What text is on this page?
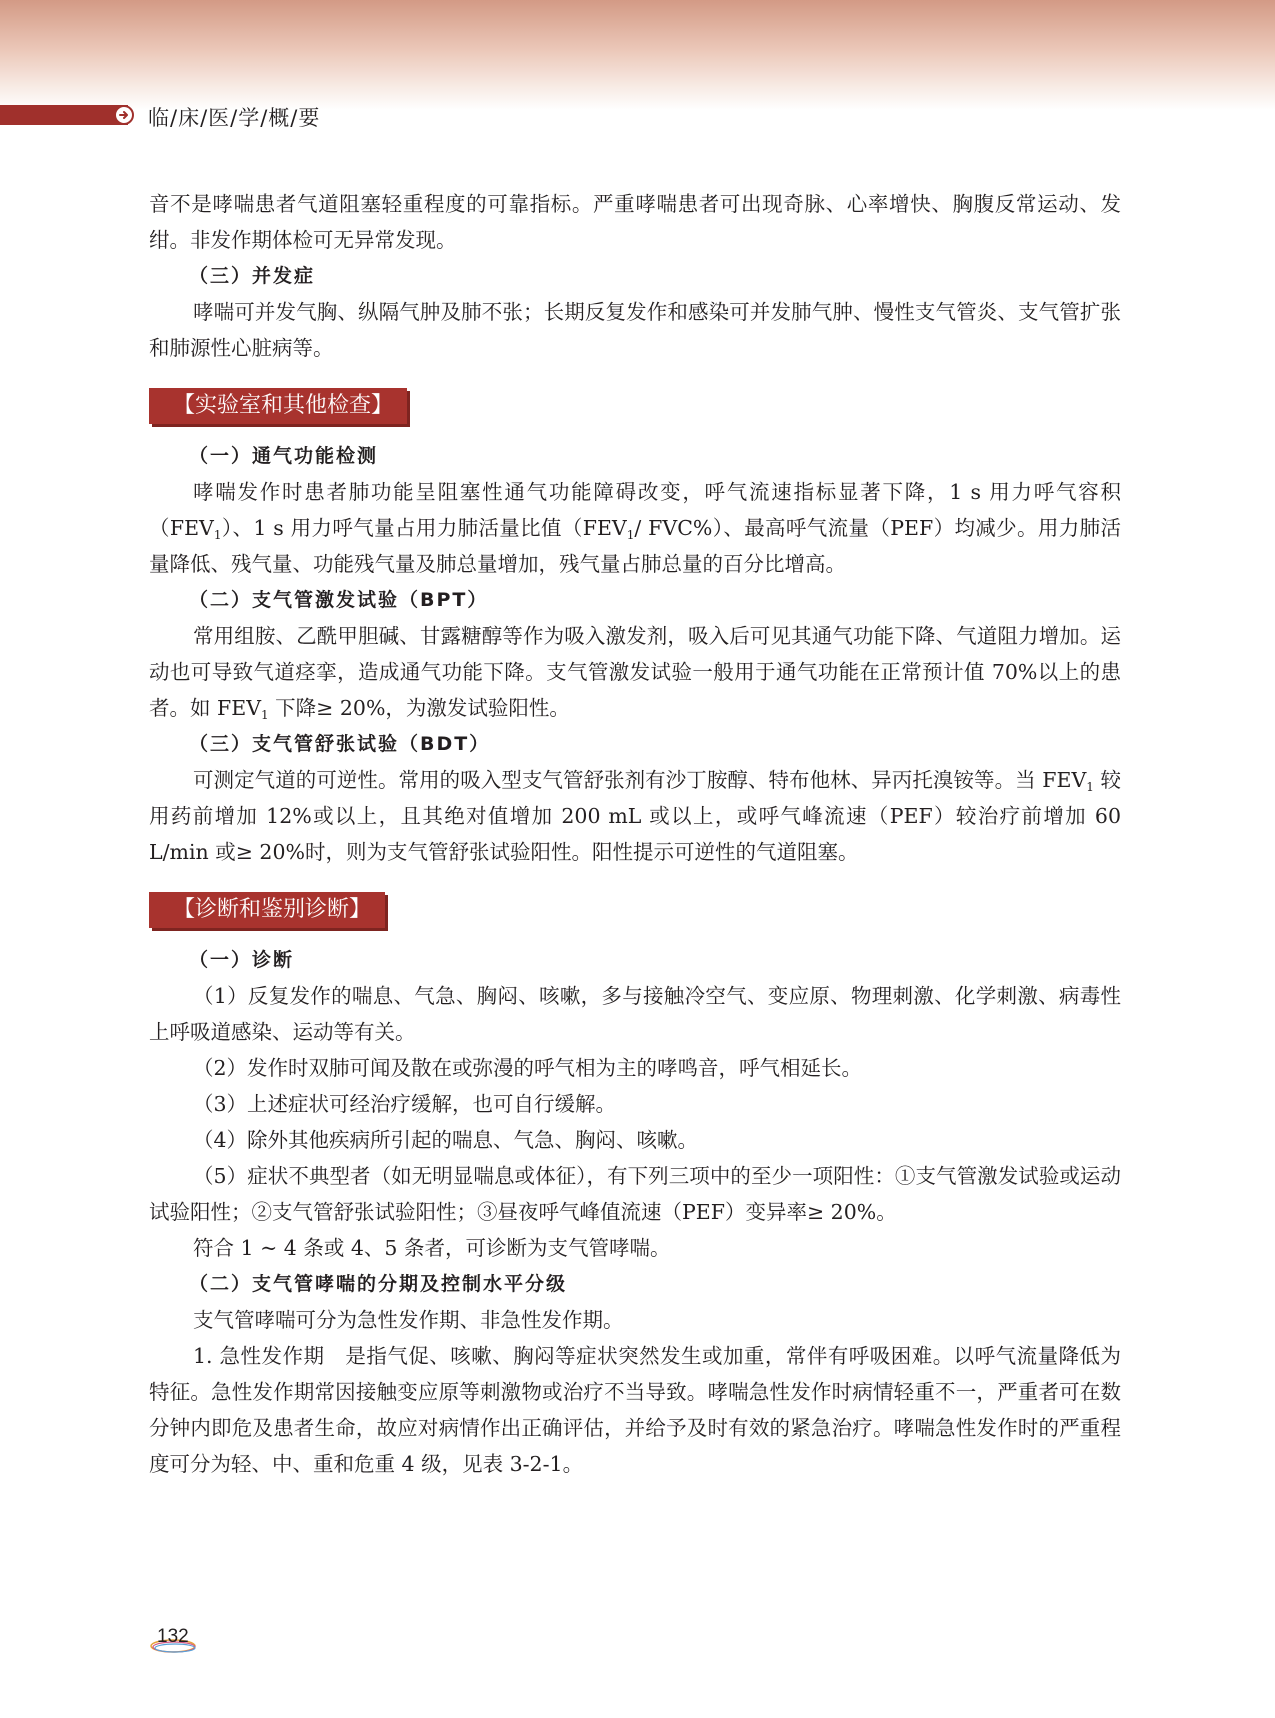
临/床/医/学/概/要

音不是哮喘患者气道阻塞轻重程度的可靠指标。严重哮喘患者可出现奇脉、心率增快、胸腹反常运动、发绀。非发作期体检可无异常发现。

（三）并发症

哮喘可并发气胸、纵隔气肿及肺不张；长期反复发作和感染可并发肺气肿、慢性支气管炎、支气管扩张和肺源性心脏病等。

【实验室和其他检查】
（一）通气功能检测

哮喘发作时患者肺功能呈阻塞性通气功能障碍改变，呼气流速指标显著下降，1 s 用力呼气容积$(FEV_1)$、1 s 用力呼气量占用力肺活量比值（$FEV_1/$ FVC%）、最高呼气流量（PEF）均减少。用力肺活量降低、残气量、功能残气量及肺总量增加，残气量占肺总量的百分比增高。

（二）支气管激发试验（BPT）

常用组胺、乙酰甲胆碱、甘露糖醇等作为吸入激发剂，吸入后可见其通气功能下降、气道阻力增加。运动也可导致气道痉挛，造成通气功能下降。支气管激发试验一般用于通气功能在正常预计值 70%以上的患者。如 $FEV_1$ 下降≥ 20%，为激发试验阳性。

（三）支气管舒张试验（BDT）

可测定气道的可逆性。常用的吸入型支气管舒张剂有沙丁胺醇、特布他林、异丙托溴铵等。当 $FEV_1$ 较用药前增加 12%或以上，且其绝对值增加 200 mL 或以上，或呼气峰流速（PEF）较治疗前增加 60 L/min 或≥ 20%时，则为支气管舒张试验阳性。阳性提示可逆性的气道阻塞。

【诊断和鉴别诊断】
（一）诊断

（1）反复发作的喘息、气急、胸闷、咳嗽，多与接触冷空气、变应原、物理刺激、化学刺激、病毒性上呼吸道感染、运动等有关。

（2）发作时双肺可闻及散在或弥漫的呼气相为主的哮鸣音，呼气相延长。

（3）上述症状可经治疗缓解，也可自行缓解。

（4）除外其他疾病所引起的喘息、气急、胸闷、咳嗽。

（5）症状不典型者（如无明显喘息或体征），有下列三项中的至少一项阳性：①支气管激发试验或运动试验阳性；②支气管舒张试验阳性；③昼夜呼气峰值流速（PEF）变异率≥ 20%。

符合 1 ~ 4 条或 4、5 条者，可诊断为支气管哮喘。

（二）支气管哮喘的分期及控制水平分级

支气管哮喘可分为急性发作期、非急性发作期。

1. 急性发作期　是指气促、咳嗽、胸闷等症状突然发生或加重，常伴有呼吸困难。以呼气流量降低为特征。急性发作期常因接触变应原等刺激物或治疗不当导致。哮喘急性发作时病情轻重不一，严重者可在数分钟内即危及患者生命，故应对病情作出正确评估，并给予及时有效的紧急治疗。哮喘急性发作时的严重程度可分为轻、中、重和危重 4 级，见表 3-2-1。

132
